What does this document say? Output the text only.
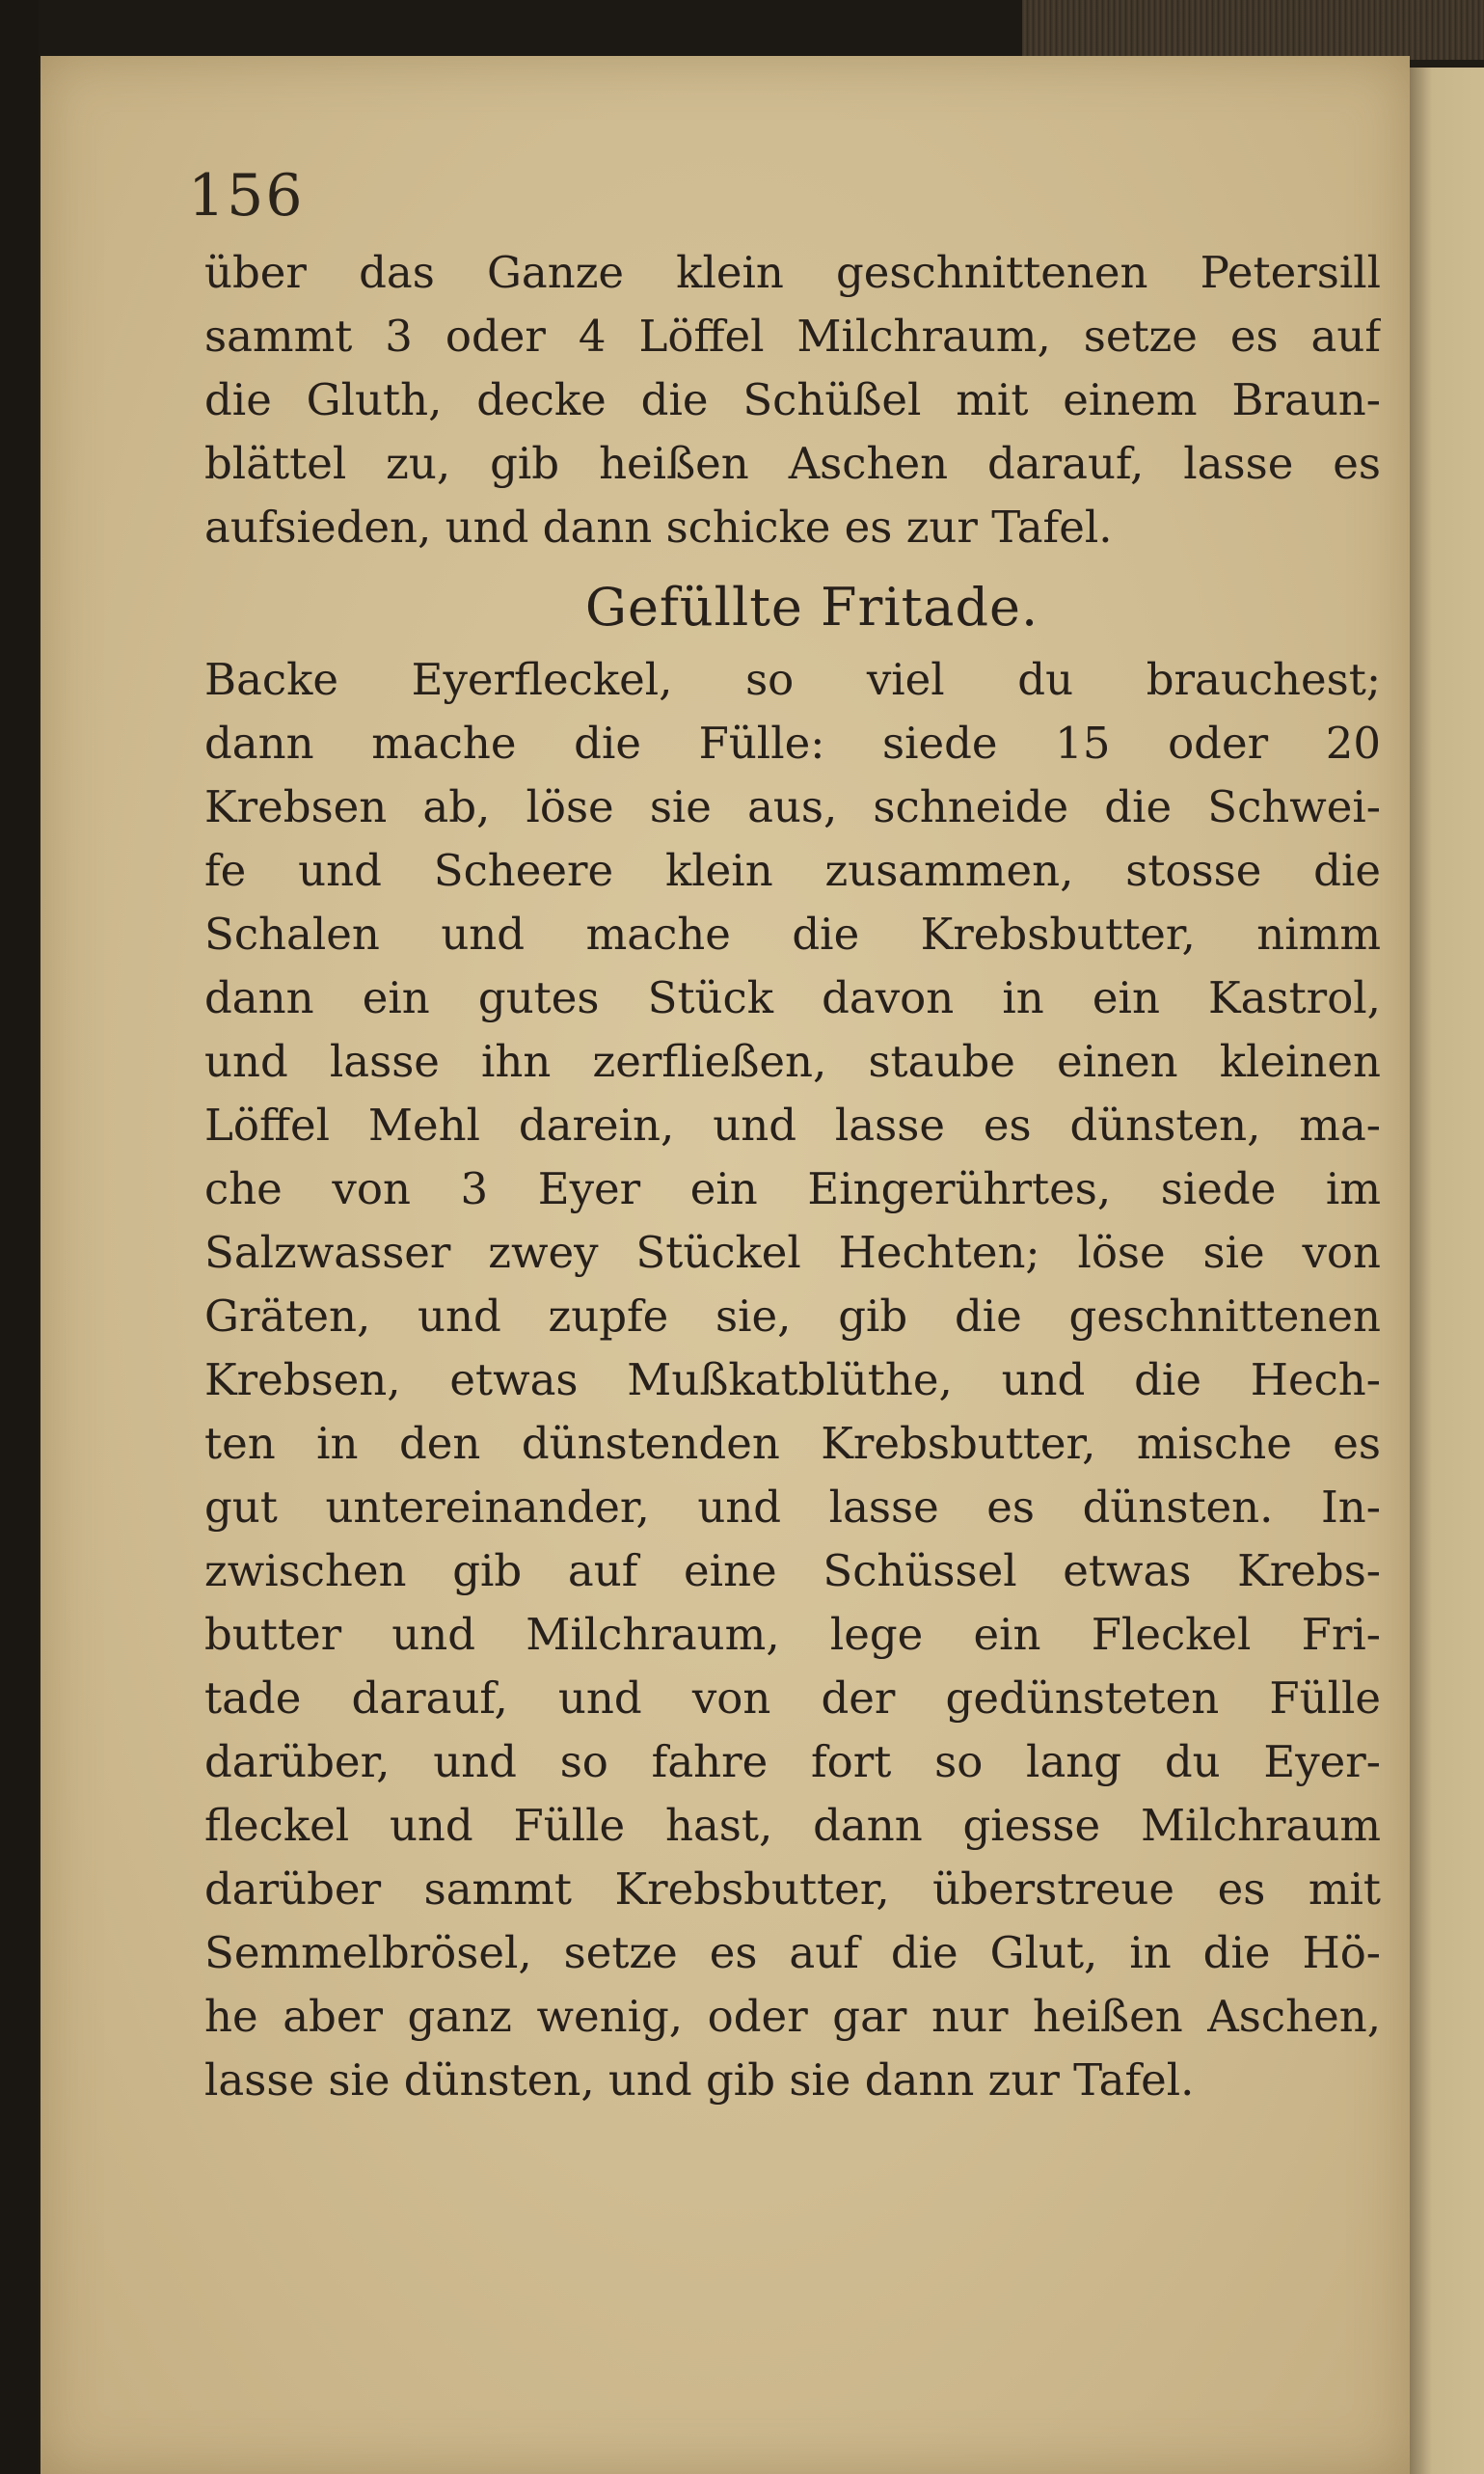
156
über das Ganze klein geschnittenen Petersill
sammt 3 oder 4 Löffel Milchraum, setze es auf
die Gluth, decke die Schüßel mit einem Braun-
blättel zu, gib heißen Aschen darauf, lasse es
aufsieden, und dann schicke es zur Tafel.
Gefüllte Fritade.
Backe Eyerfleckel, so viel du brauchest;
dann mache die Fülle: siede 15 oder 20
Krebsen ab, löse sie aus, schneide die Schwei-
fe und Scheere klein zusammen, stosse die
Schalen und mache die Krebsbutter, nimm
dann ein gutes Stück davon in ein Kastrol,
und lasse ihn zerfließen, staube einen kleinen
Löffel Mehl darein, und lasse es dünsten, ma-
che von 3 Eyer ein Eingerührtes, siede im
Salzwasser zwey Stückel Hechten; löse sie von
Gräten, und zupfe sie, gib die geschnittenen
Krebsen, etwas Mußkatblüthe, und die Hech-
ten in den dünstenden Krebsbutter, mische es
gut untereinander, und lasse es dünsten. In-
zwischen gib auf eine Schüssel etwas Krebs-
butter und Milchraum, lege ein Fleckel Fri-
tade darauf, und von der gedünsteten Fülle
darüber, und so fahre fort so lang du Eyer-
fleckel und Fülle hast, dann giesse Milchraum
darüber sammt Krebsbutter, überstreue es mit
Semmelbrösel, setze es auf die Glut, in die Hö-
he aber ganz wenig, oder gar nur heißen Aschen,
lasse sie dünsten, und gib sie dann zur Tafel.
